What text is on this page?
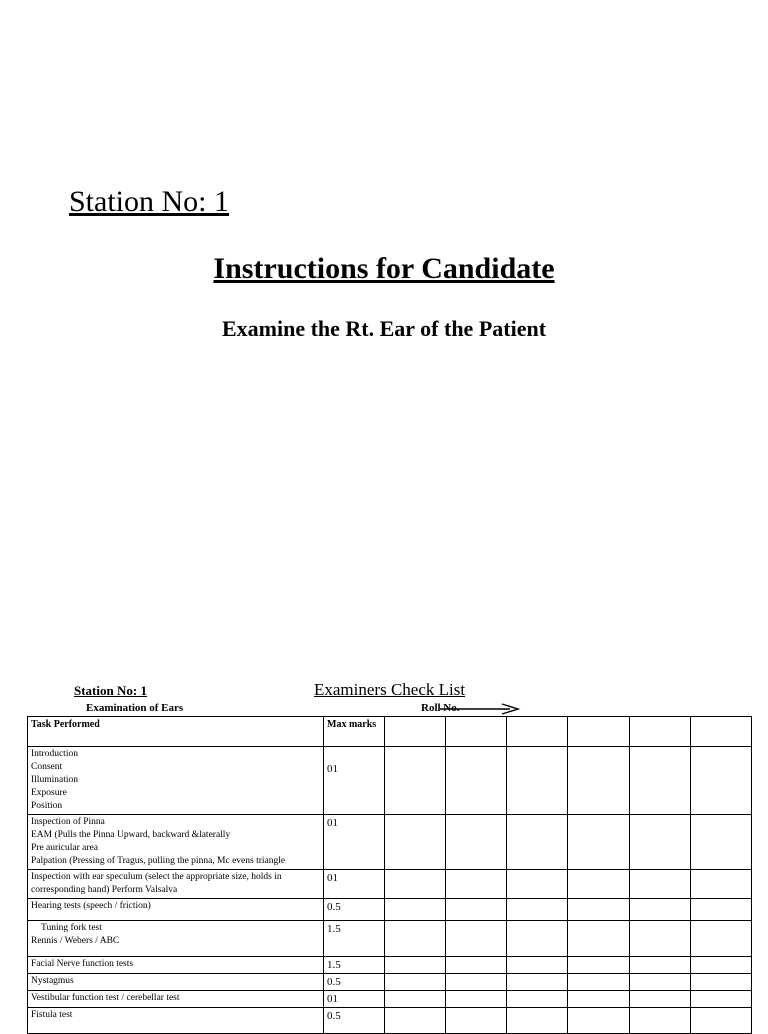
Station No: 1
Instructions for Candidate
Examine the Rt. Ear of the Patient
Station No: 1	Examiners Check List
Examination of Ears	Roll No.
Task Performed	Max marks						

Introduction
Consent
Illumination
Exposure
Position	01						

Inspection of Pinna
EAM (Pulls the Pinna Upward, backward &laterally
Pre auricular area
Palpation (Pressing of Tragus, pulling the pinna, Mc evens triangle	01						

Inspection with ear speculum (select the appropriate size, holds in corresponding hand) Perform Valsalva	01						

Hearing tests (speech / friction)	0.5						

Tuning fork test
Rennis / Webers / ABC	1.5						

Facial Nerve function tests	1.5						

Nystagmus	0.5						

Vestibular function test / cerebellar test	01						

Fistula test	0.5						
